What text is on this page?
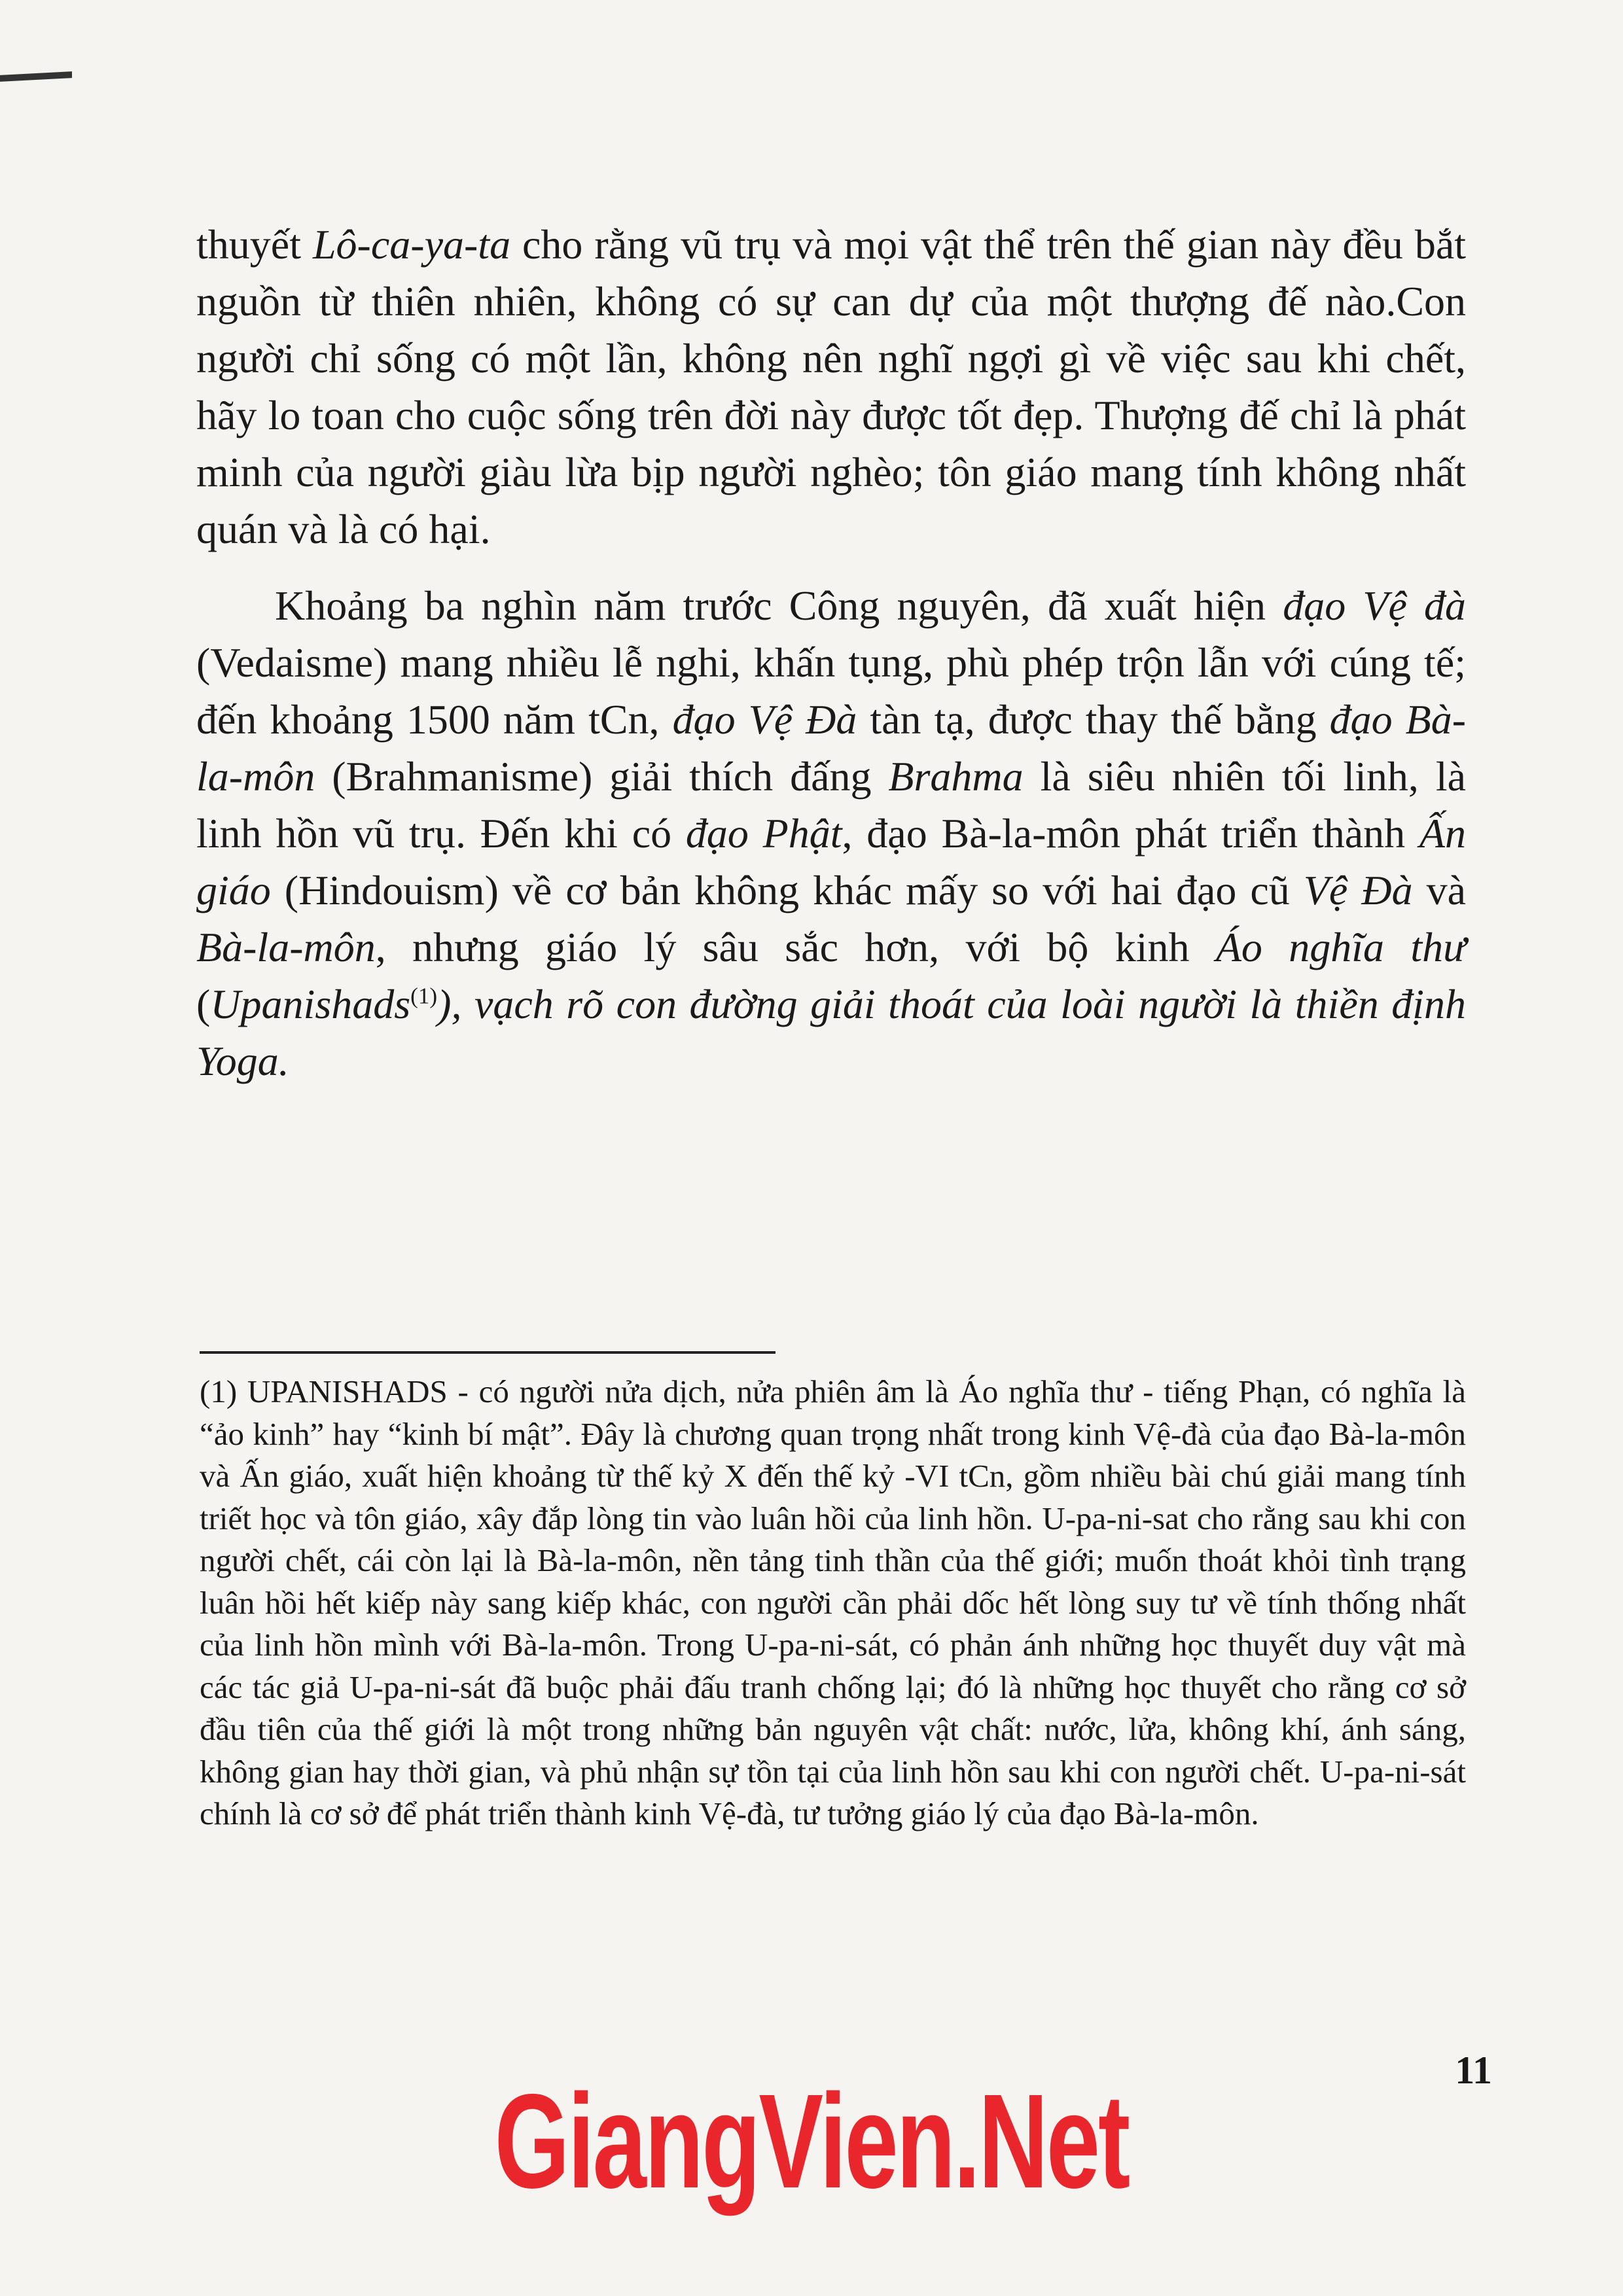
thuyết Lô-ca-ya-ta cho rằng vũ trụ và mọi vật thể trên thế gian này đều bắt nguồn từ thiên nhiên, không có sự can dự của một thượng đế nào.Con người chỉ sống có một lần, không nên nghĩ ngợi gì về việc sau khi chết, hãy lo toan cho cuộc sống trên đời này được tốt đẹp. Thượng đế chỉ là phát minh của người giàu lừa bịp người nghèo; tôn giáo mang tính không nhất quán và là có hại.

Khoảng ba nghìn năm trước Công nguyên, đã xuất hiện đạo Vệ đà (Vedaisme) mang nhiều lễ nghi, khấn tụng, phù phép trộn lẫn với cúng tế; đến khoảng 1500 năm tCn, đạo Vệ Đà tàn tạ, được thay thế bằng đạo Bà-la-môn (Brahmanisme) giải thích đấng Brahma là siêu nhiên tối linh, là linh hồn vũ trụ. Đến khi có đạo Phật, đạo Bà-la-môn phát triển thành Ấn giáo (Hindouism) về cơ bản không khác mấy so với hai đạo cũ Vệ Đà và Bà-la-môn, nhưng giáo lý sâu sắc hơn, với bộ kinh Áo nghĩa thư (Upanishads$^{(1)}$), vạch rõ con đường giải thoát của loài người là thiền định Yoga.

(1) UPANISHADS - có người nửa dịch, nửa phiên âm là Áo nghĩa thư - tiếng Phạn, có nghĩa là “ảo kinh” hay “kinh bí mật”. Đây là chương quan trọng nhất trong kinh Vệ-đà của đạo Bà-la-môn và Ấn giáo, xuất hiện khoảng từ thế kỷ X đến thế kỷ -VI tCn, gồm nhiều bài chú giải mang tính triết học và tôn giáo, xây đắp lòng tin vào luân hồi của linh hồn. U-pa-ni-sat cho rằng sau khi con người chết, cái còn lại là Bà-la-môn, nền tảng tinh thần của thế giới; muốn thoát khỏi tình trạng luân hồi hết kiếp này sang kiếp khác, con người cần phải dốc hết lòng suy tư về tính thống nhất của linh hồn mình với Bà-la-môn. Trong U-pa-ni-sát, có phản ánh những học thuyết duy vật mà các tác giả U-pa-ni-sát đã buộc phải đấu tranh chống lại; đó là những học thuyết cho rằng cơ sở đầu tiên của thế giới là một trong những bản nguyên vật chất: nước, lửa, không khí, ánh sáng, không gian hay thời gian, và phủ nhận sự tồn tại của linh hồn sau khi con người chết. U-pa-ni-sát chính là cơ sở để phát triển thành kinh Vệ-đà, tư tưởng giáo lý của đạo Bà-la-môn.

11
GiangVien.Net
